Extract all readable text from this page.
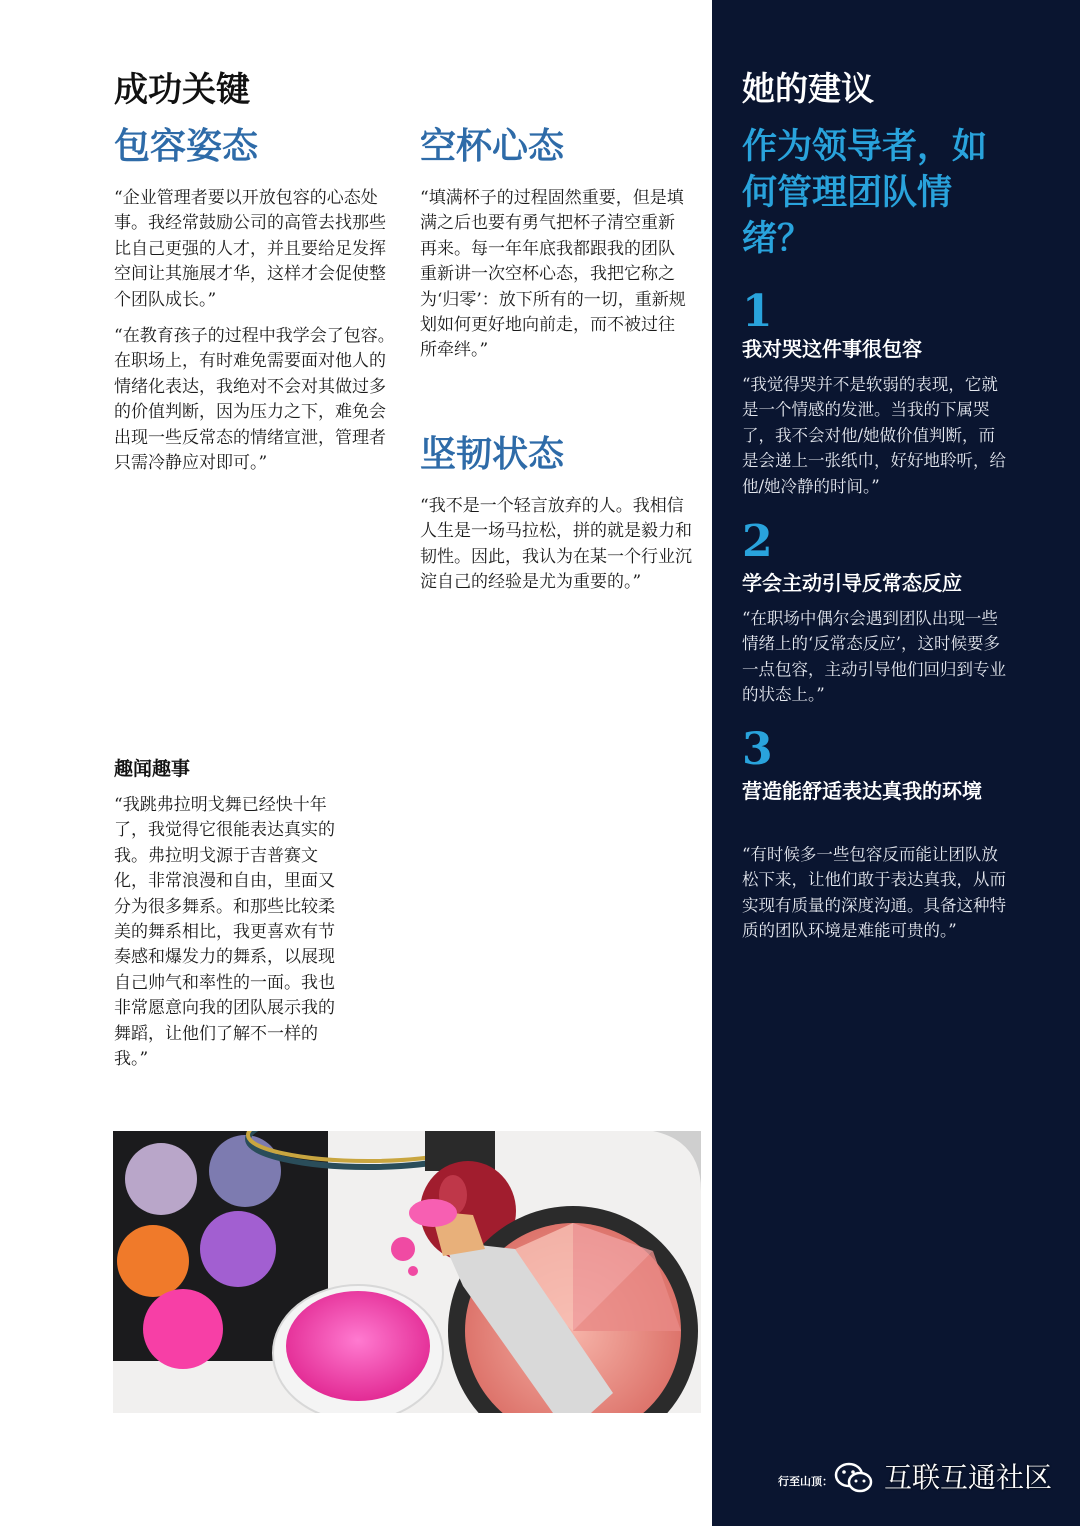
成功关键
包容姿态

“企业管理者要以开放包容的心态处事。我经常鼓励公司的高管去找那些比自己更强的人才，并且要给足发挥空间让其施展才华，这样才会促使整个团队成长。”

“在教育孩子的过程中我学会了包容。在职场上，有时难免需要面对他人的情绪化表达，我绝对不会对其做过多的价值判断，因为压力之下，难免会出现一些反常态的情绪宣泄，管理者只需冷静应对即可。”

空杯心态

“填满杯子的过程固然重要，但是填满之后也要有勇气把杯子清空重新再来。每一年年底我都跟我的团队重新讲一次空杯心态，我把它称之为‘归零’：放下所有的一切，重新规划如何更好地向前走，而不被过往所牵绊。”

坚韧状态

“我不是一个轻言放弃的人。我相信人生是一场马拉松，拼的就是毅力和韧性。因此，我认为在某一个行业沉淀自己的经验是尤为重要的。”

趣闻趣事

“我跳弗拉明戈舞已经快十年了，我觉得它很能表达真实的我。弗拉明戈源于吉普赛文化，非常浪漫和自由，里面又分为很多舞系。和那些比较柔美的舞系相比，我更喜欢有节奏感和爆发力的舞系，以展现自己帅气和率性的一面。我也非常愿意向我的团队展示我的舞蹈，让他们了解不一样的我。”

她的建议
作为领导者，如何管理团队情绪？
1
我对哭这件事很包容

“我觉得哭并不是软弱的表现，它就是一个情感的发泄。当我的下属哭了，我不会对他/她做价值判断，而是会递上一张纸巾，好好地聆听，给他/她冷静的时间。”

2
学会主动引导反常态反应

“在职场中偶尔会遇到团队出现一些情绪上的‘反常态反应’，这时候要多一点包容，主动引导他们回归到专业的状态上。”

3
营造能舒适表达真我的环境

“有时候多一些包容反而能让团队放松下来，让他们敢于表达真我，从而实现有质量的深度沟通。具备这种特质的团队环境是难能可贵的。”

行至山顶： 互联互通社区
